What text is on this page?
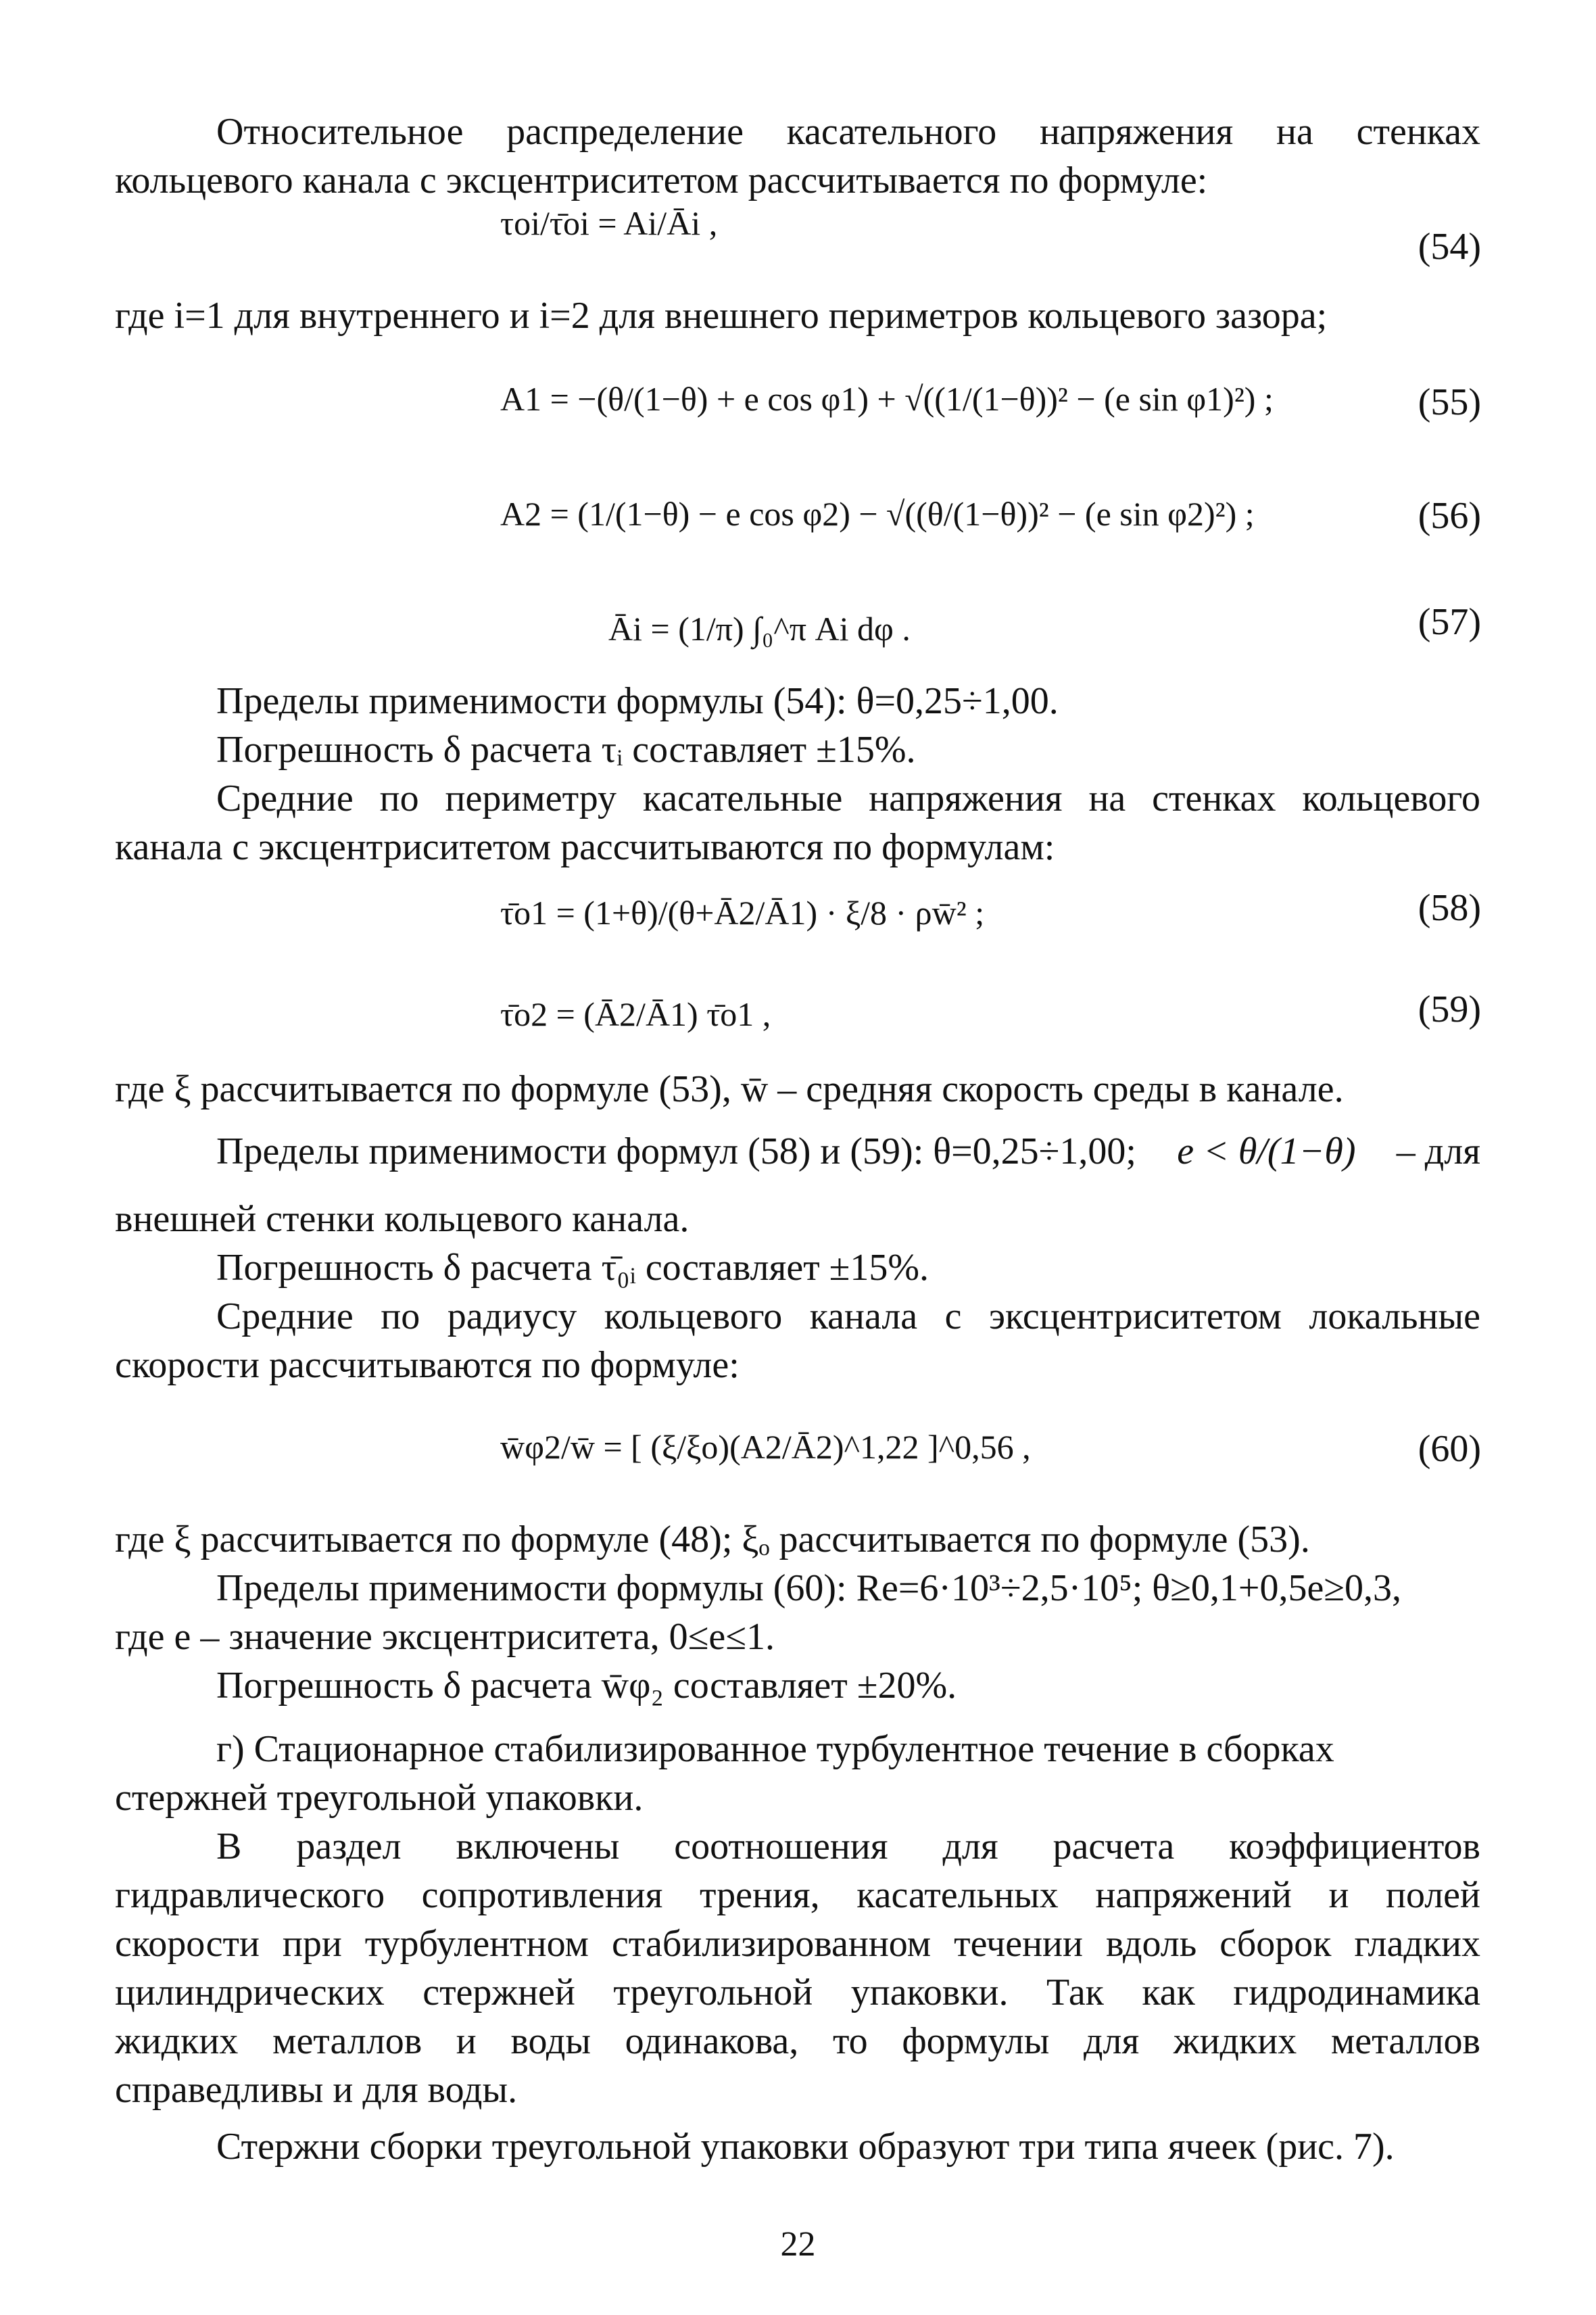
Относительное распределение касательного напряжения на стенках

кольцевого канала с эксцентриситетом рассчитывается по формуле:

τoi/τ̄oi = Ai/Āi ,
(54)

где i=1 для внутреннего и i=2 для внешнего периметров кольцевого зазора;

A1 = −(θ/(1−θ) + e cos φ1) + √((1/(1−θ))² − (e sin φ1)²) ;	(55)
A2 = (1/(1−θ) − e cos φ2) − √((θ/(1−θ))² − (e sin φ2)²) ;	(56)
Āi = (1/π) ∫₀^π Ai dφ .	(57)

Пределы применимости формулы (54): θ=0,25÷1,00.

Погрешность δ расчета τᵢ составляет ±15%.

Средние по периметру касательные напряжения на стенках кольцевого

канала с эксцентриситетом рассчитываются по формулам:

τ̄o1 = (1+θ)/(θ+Ā2/Ā1) · ξ/8 · ρw̄² ;	(58)
τ̄o2 = (Ā2/Ā1) τ̄o1 ,	(59)

где ξ рассчитывается по формуле (53), w̄ – средняя скорость среды в канале.

Пределы применимости формул (58) и (59): θ=0,25÷1,00; e < θ/(1−θ) – для

внешней стенки кольцевого канала.

Погрешность δ расчета τ̄₀ᵢ составляет ±15%.

Средние по радиусу кольцевого канала с эксцентриситетом локальные

скорости рассчитываются по формуле:

w̄φ2/w̄ = [ (ξ/ξo)(A2/Ā2)^1,22 ]^0,56 ,	(60)

где ξ рассчитывается по формуле (48); ξₒ рассчитывается по формуле (53).

Пределы применимости формулы (60): Re=6·10³÷2,5·10⁵; θ≥0,1+0,5e≥0,3,

где e – значение эксцентриситета, 0≤e≤1.

Погрешность δ расчета w̄φ₂ составляет ±20%.

г) Стационарное стабилизированное турбулентное течение в сборках

стержней треугольной упаковки.

В раздел включены соотношения для расчета коэффициентов

гидравлического сопротивления трения, касательных напряжений и полей

скорости при турбулентном стабилизированном течении вдоль сборок гладких

цилиндрических стержней треугольной упаковки. Так как гидродинамика

жидких металлов и воды одинакова, то формулы для жидких металлов

справедливы и для воды.

Стержни сборки треугольной упаковки образуют три типа ячеек (рис. 7).

22
